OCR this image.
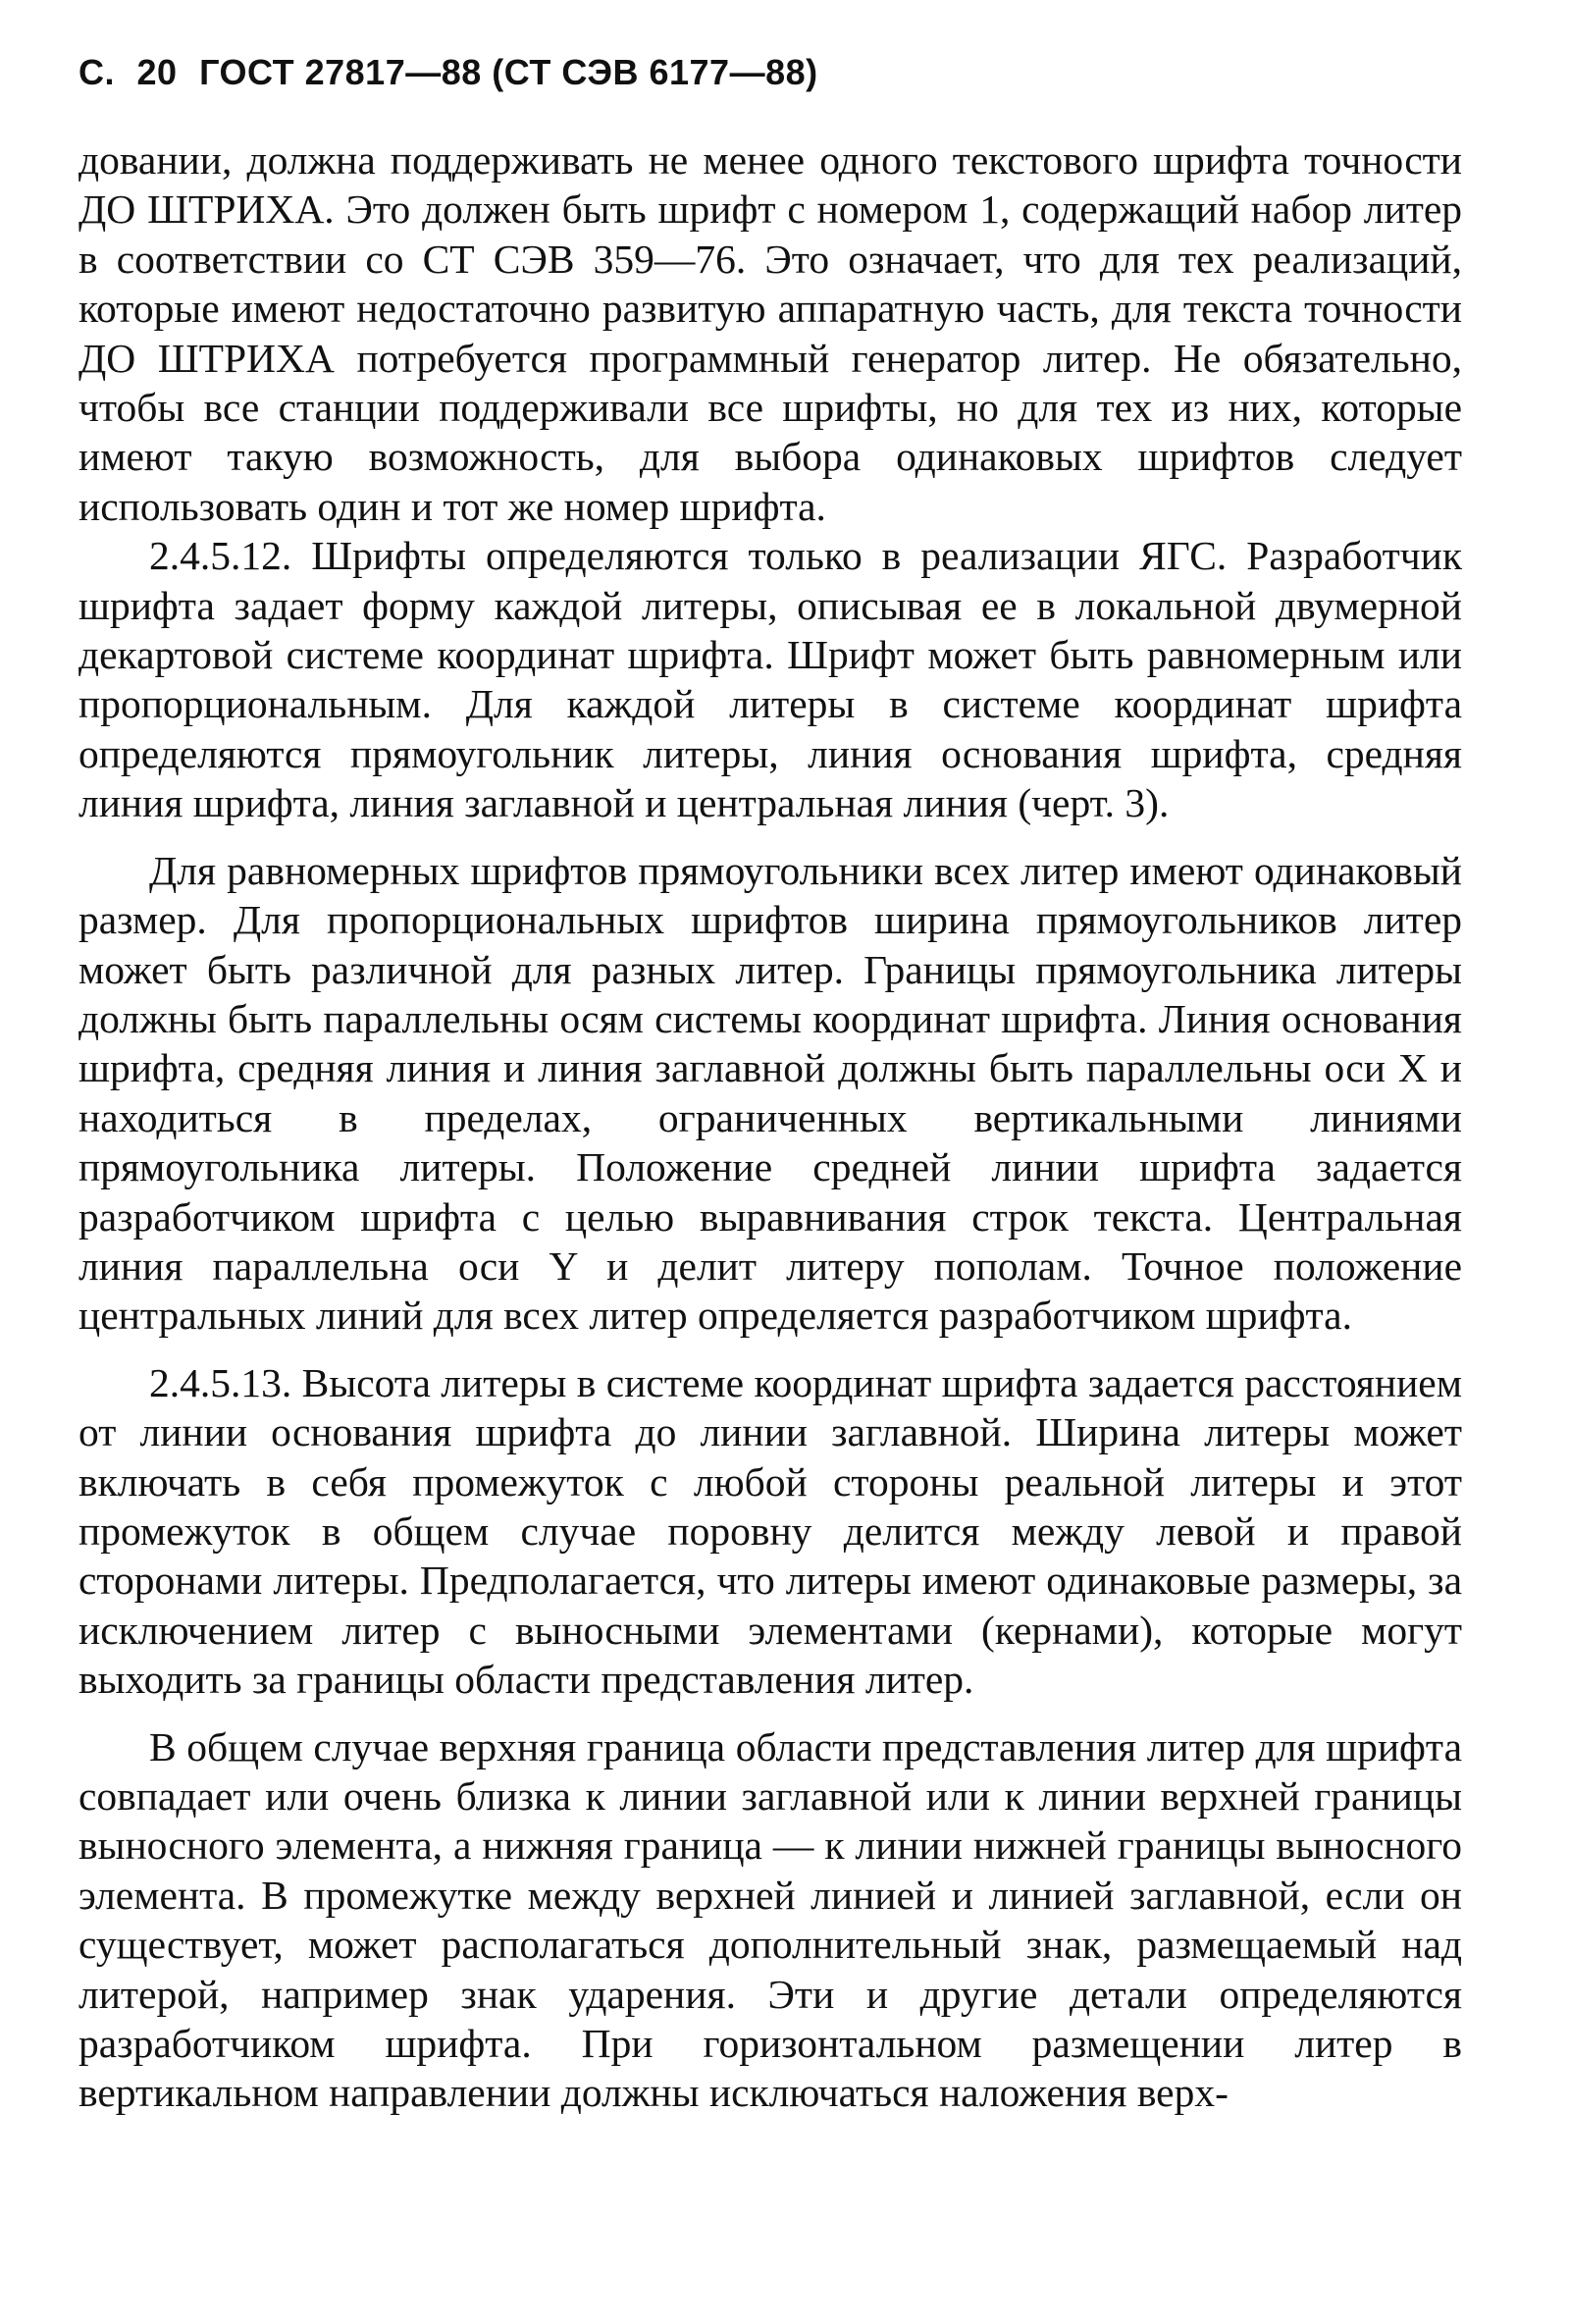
С. 20 ГОСТ 27817—88 (СТ СЭВ 6177—88)

довании, должна поддерживать не менее одного текстового шрифта точности ДО ШТРИХА. Это должен быть шрифт с номером 1, содержащий набор литер в соответствии со СТ СЭВ 359—76. Это означает, что для тех реализаций, которые имеют недостаточно развитую аппаратную часть, для текста точности ДО ШТРИХА потребуется программный генератор литер. Не обязательно, чтобы все станции поддерживали все шрифты, но для тех из них, которые имеют такую возможность, для выбора одинаковых шрифтов следует использовать один и тот же номер шрифта.

2.4.5.12. Шрифты определяются только в реализации ЯГС. Разработчик шрифта задает форму каждой литеры, описывая ее в локальной двумерной декартовой системе координат шрифта. Шрифт может быть равномерным или пропорциональным. Для каждой литеры в системе координат шрифта определяются прямоугольник литеры, линия основания шрифта, средняя линия шрифта, линия заглавной и центральная линия (черт. 3).

Для равномерных шрифтов прямоугольники всех литер имеют одинаковый размер. Для пропорциональных шрифтов ширина прямоугольников литер может быть различной для разных литер. Границы прямоугольника литеры должны быть параллельны осям системы координат шрифта. Линия основания шрифта, средняя линия и линия заглавной должны быть параллельны оси X и находиться в пределах, ограниченных вертикальными линиями прямоугольника литеры. Положение средней линии шрифта задается разработчиком шрифта с целью выравнивания строк текста. Центральная линия параллельна оси Y и делит литеру пополам. Точное положение центральных линий для всех литер определяется разработчиком шрифта.

2.4.5.13. Высота литеры в системе координат шрифта задается расстоянием от линии основания шрифта до линии заглавной. Ширина литеры может включать в себя промежуток с любой стороны реальной литеры и этот промежуток в общем случае поровну делится между левой и правой сторонами литеры. Предполагается, что литеры имеют одинаковые размеры, за исключением литер с выносными элементами (кернами), которые могут выходить за границы области представления литер.

В общем случае верхняя граница области представления литер для шрифта совпадает или очень близка к линии заглавной или к линии верхней границы выносного элемента, а нижняя граница — к линии нижней границы выносного элемента. В промежутке между верхней линией и линией заглавной, если он существует, может располагаться дополнительный знак, размещаемый над литерой, например знак ударения. Эти и другие детали определяются разработчиком шрифта. При горизонтальном размещении литер в вертикальном направлении должны исключаться наложения верх-
